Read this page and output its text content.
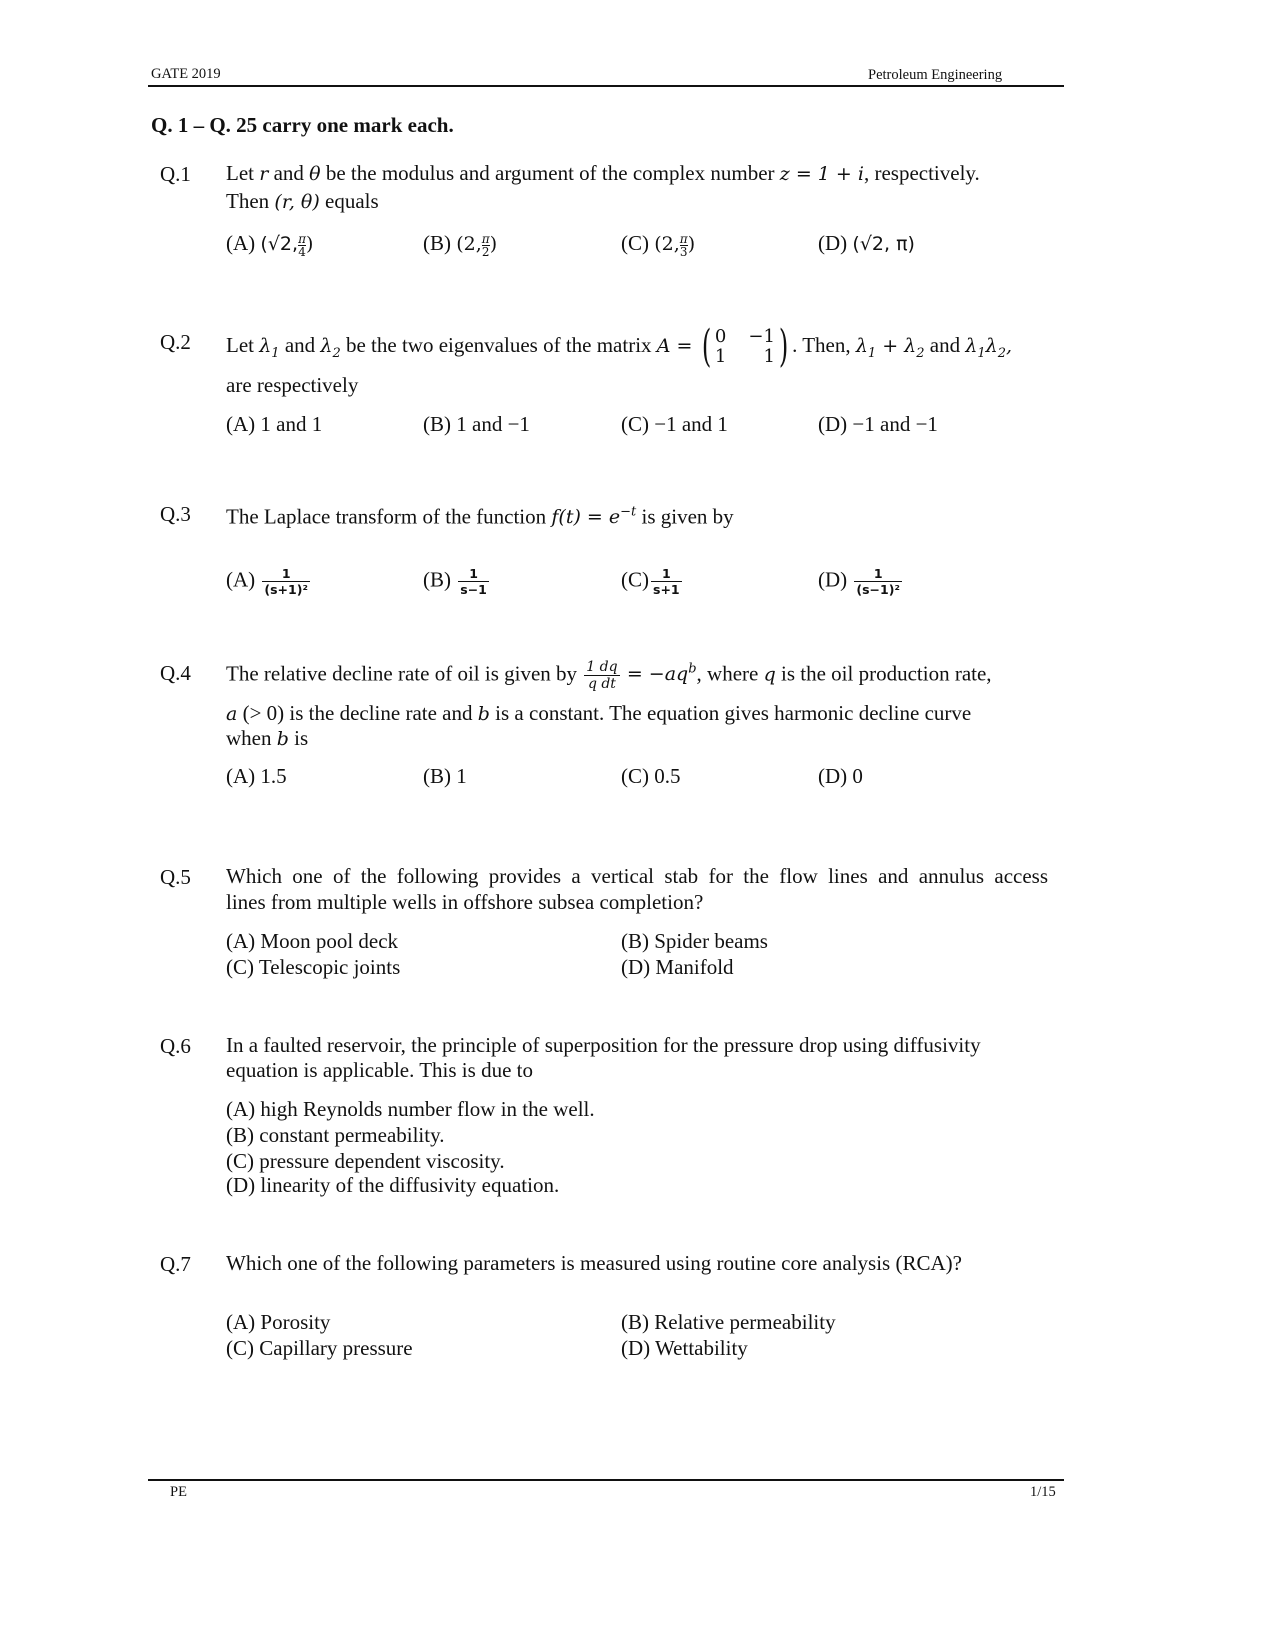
GATE 2019	Petroleum Engineering
Q. 1 – Q. 25 carry one mark each.
Q.1 Let r and θ be the modulus and argument of the complex number z = 1 + i, respectively.
Then (r, θ) equals
(A) (√2, $\frac{\pi}{4}$ )	(B) (2, $\frac{\pi}{2}$ )	(C) (2, $\frac{\pi}{3}$ )	(D) (√2, π)
Q.2 Let $\lambda_1$ and $\lambda_2$ be the two eigenvalues of the matrix A = ( 0 −1
1	1 ) . Then, $\lambda_1 + \lambda_2$ and $\lambda_1\lambda_2$,
are respectively
(A) 1 and 1	(B) 1 and −1	(C) −1 and 1	(D) −1 and −1
Q.3 The Laplace transform of the function $f(t) = e^{-t}$ is given by
$(A) \frac{1}{\text{(s+1)²}}$	$(B) \frac{1}{s-1}$	$(C) \frac{1}{s+1}$	$(D) \frac{1}{\text{(s−1)²}}$
Q.4 The relative decline rate of oil is given by $\frac{1 dq}{\text{q dt}} = -aq^b$, where q is the oil production rate,
a (> 0) is the decline rate and b is a constant. The equation gives harmonic decline curve
when b is
(A) 1.5	(B) 1	(C) 0.5	(D) 0
Q.5 Which one of the following provides a vertical stab for the flow lines and annulus access
lines from multiple wells in offshore subsea completion?
(A) Moon pool deck	(B) Spider beams
(C) Telescopic joints	(D) Manifold
Q.6 In a faulted reservoir, the principle of superposition for the pressure drop using diffusivity
equation is applicable. This is due to
(A) high Reynolds number flow in the well.
(B) constant permeability.
(C) pressure dependent viscosity.
(D) linearity of the diffusivity equation.
Q.7 Which one of the following parameters is measured using routine core analysis (RCA)?
(A) Porosity	(B) Relative permeability
(C) Capillary pressure	(D) Wettability
PE	1/15
